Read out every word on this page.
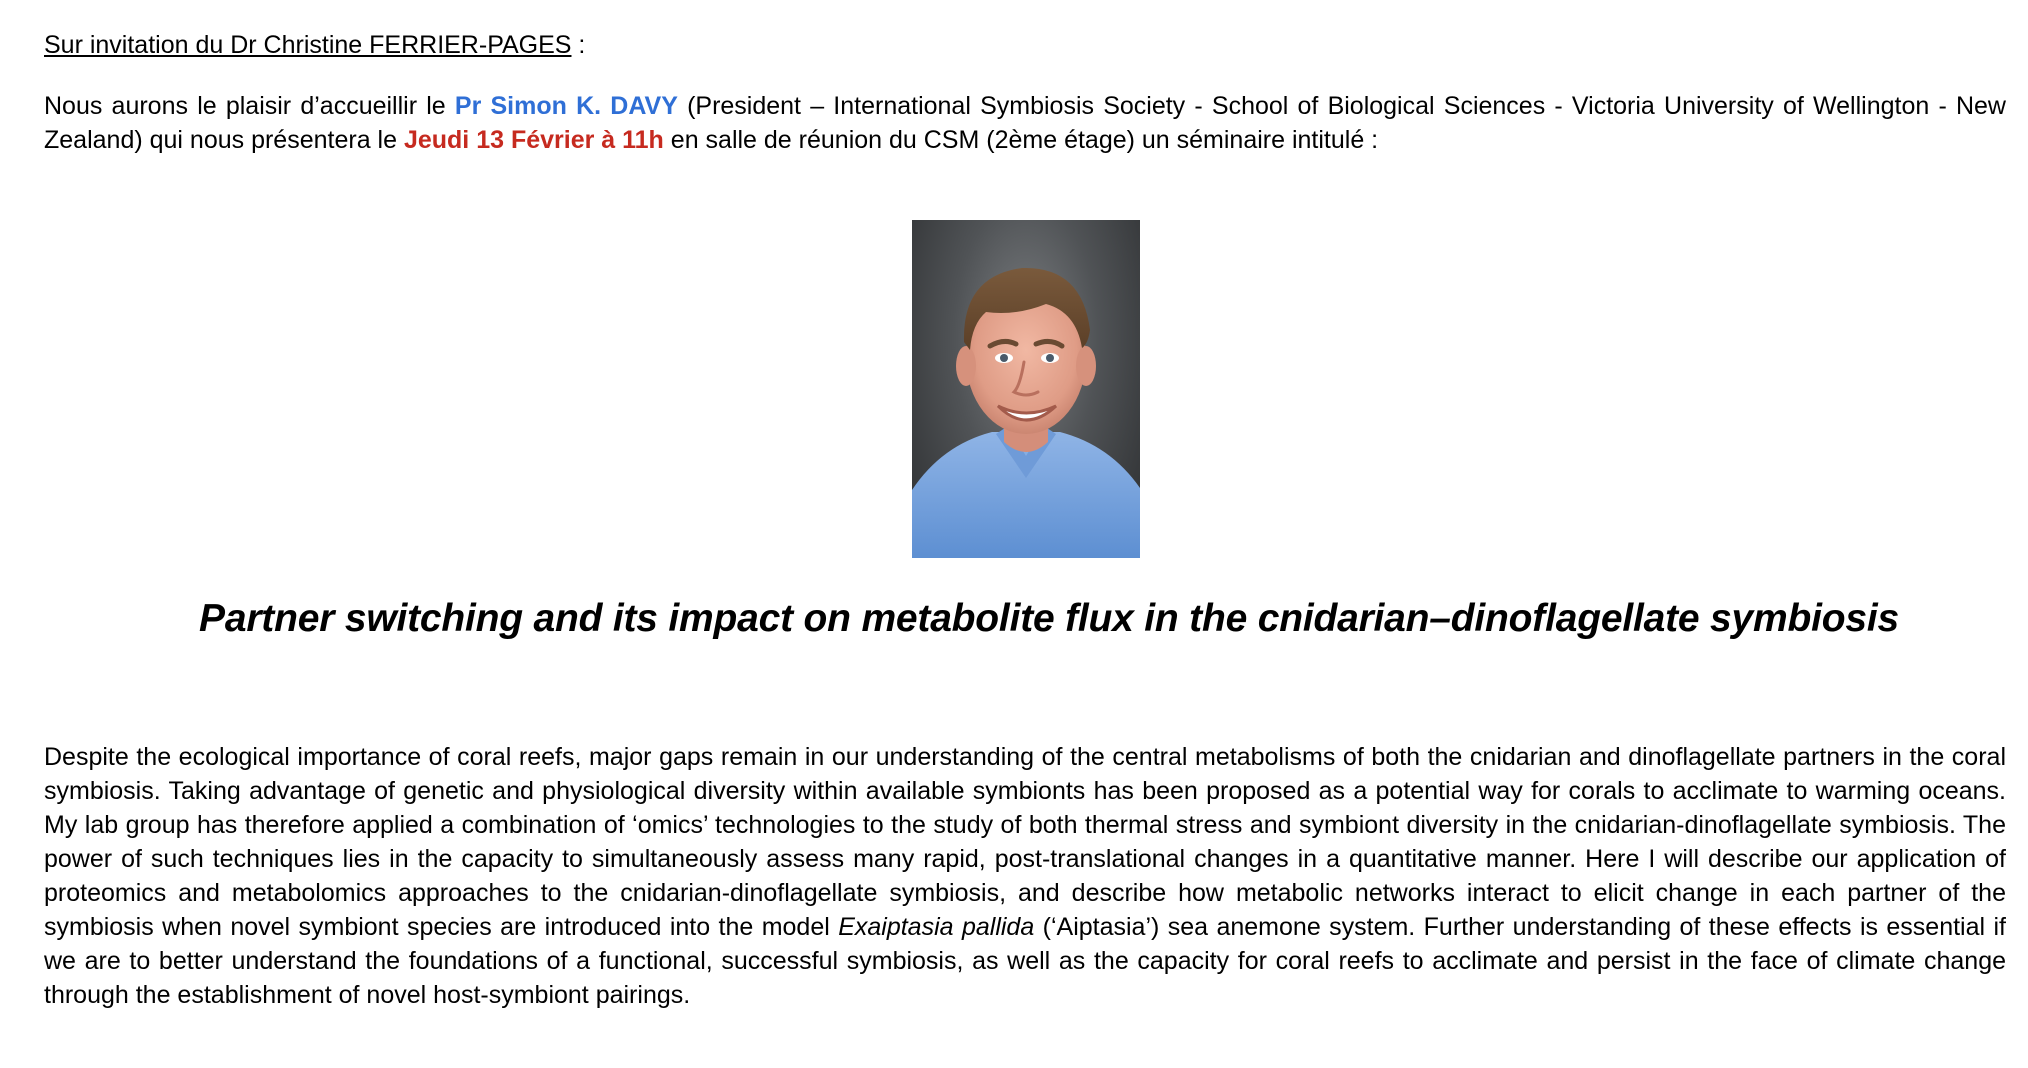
Sur invitation du Dr Christine FERRIER-PAGES :
Nous aurons le plaisir d’accueillir le Pr Simon K. DAVY (President – International Symbiosis Society - School of Biological Sciences - Victoria University of Wellington - New Zealand) qui nous présentera le Jeudi 13 Février à 11h en salle de réunion du CSM (2ème étage) un séminaire intitulé :
Partner switching and its impact on metabolite flux in the cnidarian–dinoflagellate symbiosis
Despite the ecological importance of coral reefs, major gaps remain in our understanding of the central metabolisms of both the cnidarian and dinoflagellate partners in the coral symbiosis. Taking advantage of genetic and physiological diversity within available symbionts has been proposed as a potential way for corals to acclimate to warming oceans. My lab group has therefore applied a combination of ‘omics’ technologies to the study of both thermal stress and symbiont diversity in the cnidarian-dinoflagellate symbiosis. The power of such techniques lies in the capacity to simultaneously assess many rapid, post-translational changes in a quantitative manner. Here I will describe our application of proteomics and metabolomics approaches to the cnidarian-dinoflagellate symbiosis, and describe how metabolic networks interact to elicit change in each partner of the symbiosis when novel symbiont species are introduced into the model Exaiptasia pallida (‘Aiptasia’) sea anemone system. Further understanding of these effects is essential if we are to better understand the foundations of a functional, successful symbiosis, as well as the capacity for coral reefs to acclimate and persist in the face of climate change through the establishment of novel host-symbiont pairings.
